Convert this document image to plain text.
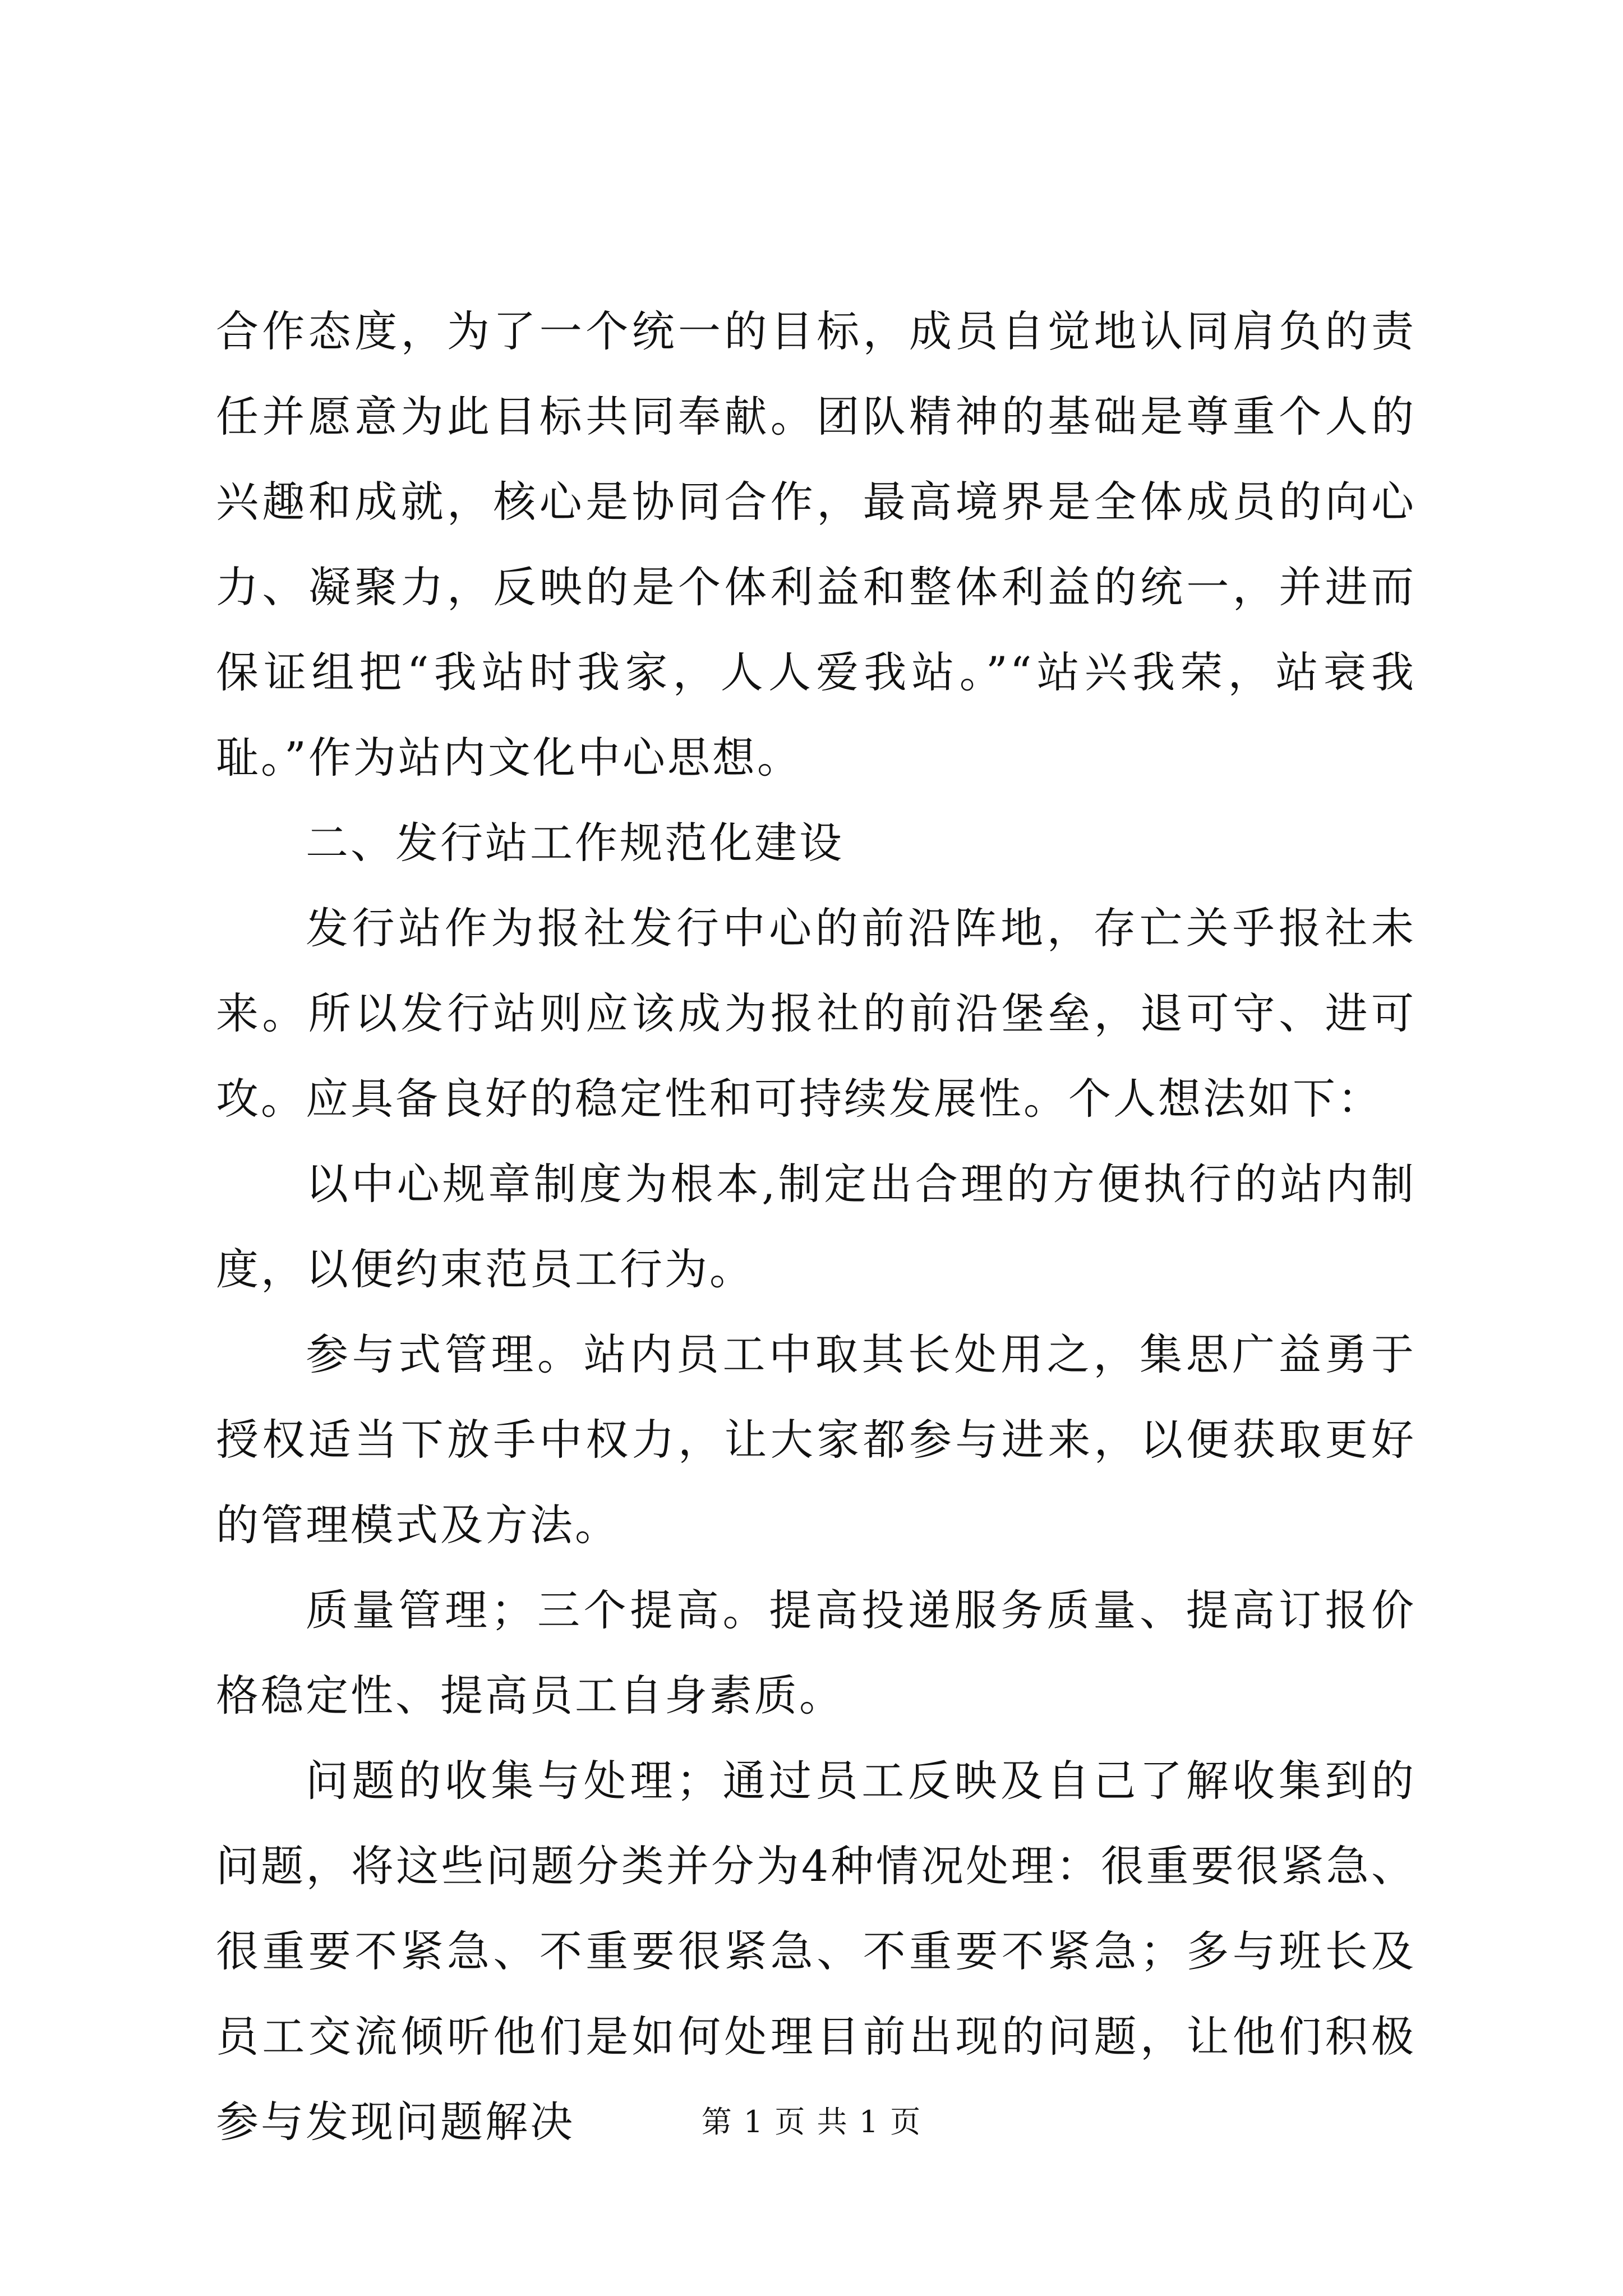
合作态度，为了一个统一的目标，成员自觉地认同肩负的责任并愿意为此目标共同奉献。团队精神的基础是尊重个人的兴趣和成就，核心是协同合作，最高境界是全体成员的向心力、凝聚力，反映的是个体利益和整体利益的统一，并进而保证组把“我站时我家，人人爱我站。”“站兴我荣，站衰我耻。”作为站内文化中心思想。

二、发行站工作规范化建设

发行站作为报社发行中心的前沿阵地，存亡关乎报社未来。所以发行站则应该成为报社的前沿堡垒，退可守、进可攻。应具备良好的稳定性和可持续发展性。个人想法如下：

以中心规章制度为根本,制定出合理的方便执行的站内制度，以便约束范员工行为。

参与式管理。站内员工中取其长处用之，集思广益勇于授权适当下放手中权力，让大家都参与进来，以便获取更好的管理模式及方法。

质量管理；三个提高。提高投递服务质量、提高订报价格稳定性、提高员工自身素质。

问题的收集与处理；通过员工反映及自己了解收集到的问题，将这些问题分类并分为4种情况处理：很重要很紧急、很重要不紧急、不重要很紧急、不重要不紧急；多与班长及员工交流倾听他们是如何处理目前出现的问题，让他们积极参与发现问题解决	第 1 页 共 1 页
